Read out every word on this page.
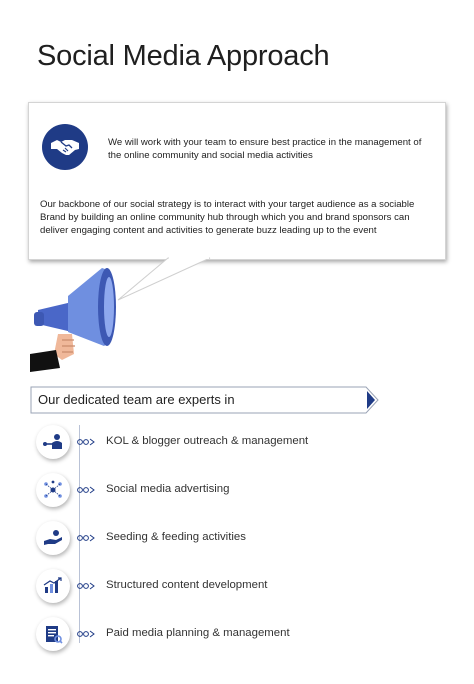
Social Media Approach
We will work with your team to ensure best practice in the management of the online community and social media activities
Our backbone of our social strategy is to interact with your target audience as a sociable Brand by building an online community hub through which you and brand sponsors can deliver engaging content and activities to generate buzz leading up to the event
Our dedicated team are experts in
KOL & blogger outreach & management
Social media advertising
Seeding & feeding activities
Structured content development
Paid media planning & management
